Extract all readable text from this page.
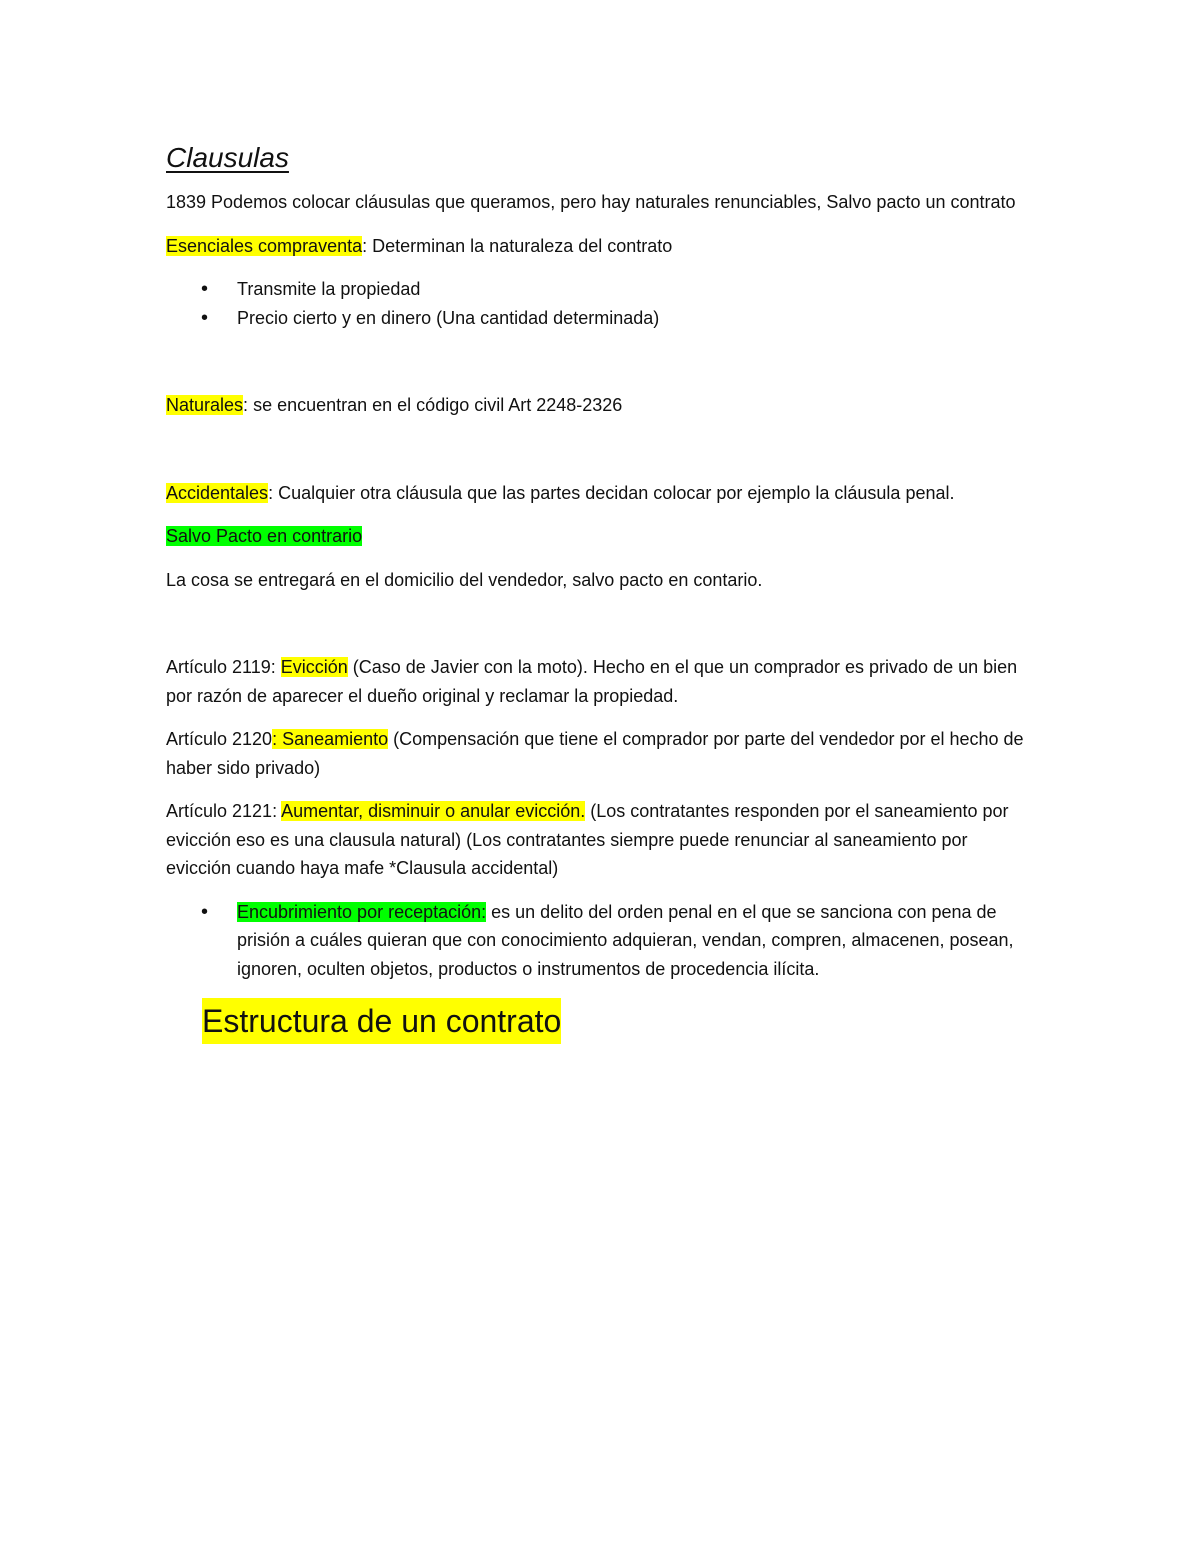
Clausulas

1839 Podemos colocar cláusulas que queramos, pero hay naturales renunciables, Salvo pacto un contrato

Esenciales compraventa: Determinan la naturaleza del contrato

• Transmite la propiedad
• Precio cierto y en dinero (Una cantidad determinada)

Naturales: se encuentran en el código civil Art 2248-2326

Accidentales: Cualquier otra cláusula que las partes decidan colocar por ejemplo la cláusula penal.

Salvo Pacto en contrario

La cosa se entregará en el domicilio del vendedor, salvo pacto en contario.

Artículo 2119: Evicción (Caso de Javier con la moto). Hecho en el que un comprador es privado de un bien por razón de aparecer el dueño original y reclamar la propiedad.

Artículo 2120: Saneamiento (Compensación que tiene el comprador por parte del vendedor por el hecho de haber sido privado)

Artículo 2121: Aumentar, disminuir o anular evicción. (Los contratantes responden por el saneamiento por evicción eso es una clausula natural) (Los contratantes siempre puede renunciar al saneamiento por evicción cuando haya mafe *Clausula accidental)

• Encubrimiento por receptación: es un delito del orden penal en el que se sanciona con pena de prisión a cuáles quieran que con conocimiento adquieran, vendan, compren, almacenen, posean, ignoren, oculten objetos, productos o instrumentos de procedencia ilícita.
Estructura de un contrato
